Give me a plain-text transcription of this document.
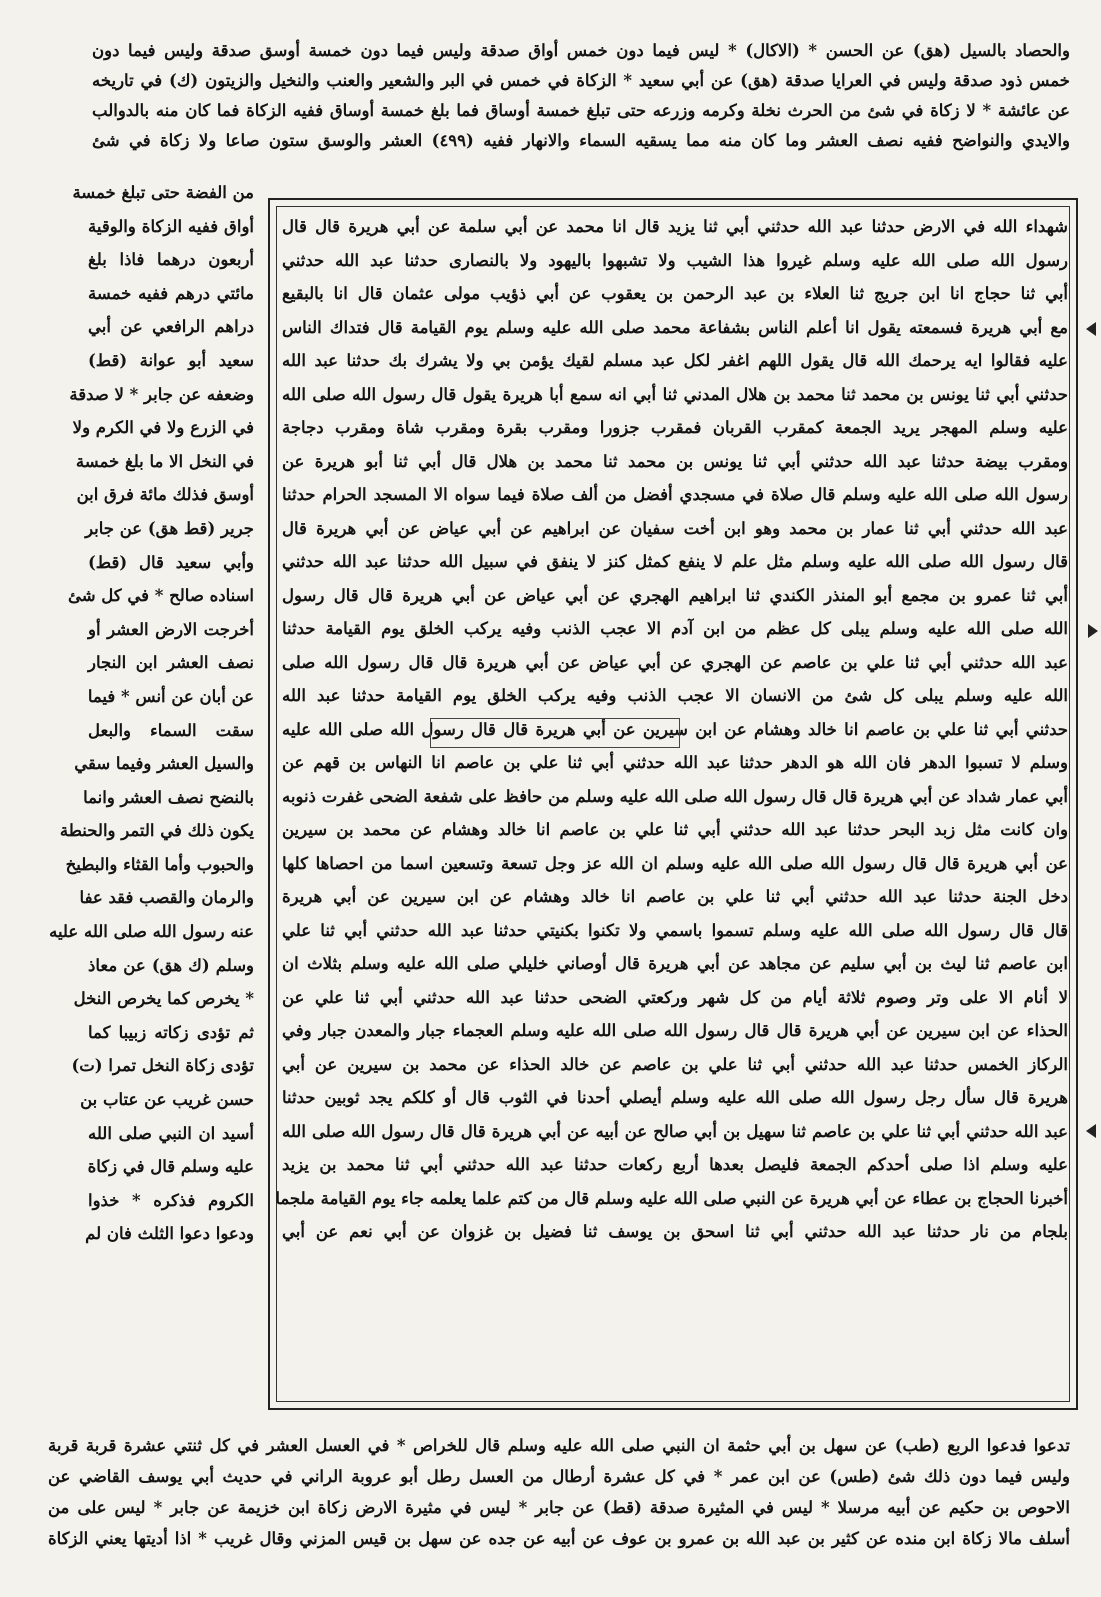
والحصاد بالسيل (هق) عن الحسن * (الاكال) * ليس فيما دون خمس أواق صدقة وليس فيما دون خمسة أوسق صدقة وليس فيما دون
خمس ذود صدقة وليس في العرايا صدقة (هق) عن أبي سعيد * الزكاة في خمس في البر والشعير والعنب والنخيل والزيتون (ك) في تاريخه
عن عائشة * لا زكاة في شئ من الحرث نخلة وكرمه وزرعه حتى تبلغ خمسة أوساق فما بلغ خمسة أوساق ففيه الزكاة فما كان منه بالدوالب
والايدي والنواضح ففيه نصف العشر وما كان منه مما يسقيه السماء والانهار ففيه (٤٩٩) العشر والوسق ستون صاعا ولا زكاة في شئ
شهداء الله في الارض حدثنا عبد الله حدثني أبي ثنا يزيد قال انا محمد عن أبي سلمة عن أبي هريرة قال قال
رسول الله صلى الله عليه وسلم غيروا هذا الشيب ولا تشبهوا باليهود ولا بالنصارى حدثنا عبد الله حدثني
أبي ثنا حجاج انا ابن جريج ثنا العلاء بن عبد الرحمن بن يعقوب عن أبي ذؤيب مولى عثمان قال انا بالبقيع
مع أبي هريرة فسمعته يقول انا أعلم الناس بشفاعة محمد صلى الله عليه وسلم يوم القيامة قال فتداك الناس
عليه فقالوا ايه يرحمك الله قال يقول اللهم اغفر لكل عبد مسلم لقيك يؤمن بي ولا يشرك بك حدثنا عبد الله
حدثني أبي ثنا يونس بن محمد ثنا محمد بن هلال المدني ثنا أبي انه سمع أبا هريرة يقول قال رسول الله صلى الله
عليه وسلم المهجر يريد الجمعة كمقرب القربان فمقرب جزورا ومقرب بقرة ومقرب شاة ومقرب دجاجة
ومقرب بيضة حدثنا عبد الله حدثني أبي ثنا يونس بن محمد ثنا محمد بن هلال قال أبي ثنا أبو هريرة عن
رسول الله صلى الله عليه وسلم قال صلاة في مسجدي أفضل من ألف صلاة فيما سواه الا المسجد الحرام حدثنا
عبد الله حدثني أبي ثنا عمار بن محمد وهو ابن أخت سفيان عن ابراهيم عن أبي عياض عن أبي هريرة قال
قال رسول الله صلى الله عليه وسلم مثل علم لا ينفع كمثل كنز لا ينفق في سبيل الله حدثنا عبد الله حدثني
أبي ثنا عمرو بن مجمع أبو المنذر الكندي ثنا ابراهيم الهجري عن أبي عياض عن أبي هريرة قال قال رسول
الله صلى الله عليه وسلم يبلى كل عظم من ابن آدم الا عجب الذنب وفيه يركب الخلق يوم القيامة حدثنا
عبد الله حدثني أبي ثنا علي بن عاصم عن الهجري عن أبي عياض عن أبي هريرة قال قال رسول الله صلى
الله عليه وسلم يبلى كل شئ من الانسان الا عجب الذنب وفيه يركب الخلق يوم القيامة حدثنا عبد الله
حدثني أبي ثنا علي بن عاصم انا خالد وهشام عن ابن سيرين عن أبي هريرة قال قال رسول الله صلى الله عليه
وسلم لا تسبوا الدهر فان الله هو الدهر حدثنا عبد الله حدثني أبي ثنا علي بن عاصم انا النهاس بن قهم عن
أبي عمار شداد عن أبي هريرة قال قال رسول الله صلى الله عليه وسلم من حافظ على شفعة الضحى غفرت ذنوبه
وان كانت مثل زبد البحر حدثنا عبد الله حدثني أبي ثنا علي بن عاصم انا خالد وهشام عن محمد بن سيرين
عن أبي هريرة قال قال رسول الله صلى الله عليه وسلم ان الله عز وجل تسعة وتسعين اسما من احصاها كلها
دخل الجنة حدثنا عبد الله حدثني أبي ثنا علي بن عاصم انا خالد وهشام عن ابن سيرين عن أبي هريرة
قال قال رسول الله صلى الله عليه وسلم تسموا باسمي ولا تكنوا بكنيتي حدثنا عبد الله حدثني أبي ثنا علي
ابن عاصم ثنا ليث بن أبي سليم عن مجاهد عن أبي هريرة قال أوصاني خليلي صلى الله عليه وسلم بثلاث ان
لا أنام الا على وتر وصوم ثلاثة أيام من كل شهر وركعتي الضحى حدثنا عبد الله حدثني أبي ثنا علي عن
الحذاء عن ابن سيرين عن أبي هريرة قال قال رسول الله صلى الله عليه وسلم العجماء جبار والمعدن جبار وفي
الركاز الخمس حدثنا عبد الله حدثني أبي ثنا علي بن عاصم عن خالد الحذاء عن محمد بن سيرين عن أبي
هريرة قال سأل رجل رسول الله صلى الله عليه وسلم أيصلي أحدنا في الثوب قال أو كلكم يجد ثوبين حدثنا
عبد الله حدثني أبي ثنا علي بن عاصم ثنا سهيل بن أبي صالح عن أبيه عن أبي هريرة قال قال رسول الله صلى الله
عليه وسلم اذا صلى أحدكم الجمعة فليصل بعدها أربع ركعات حدثنا عبد الله حدثني أبي ثنا محمد بن يزيد
أخبرنا الحجاج بن عطاء عن أبي هريرة عن النبي صلى الله عليه وسلم قال من كتم علما يعلمه جاء يوم القيامة ملجما
بلجام من نار حدثنا عبد الله حدثني أبي ثنا اسحق بن يوسف ثنا فضيل بن غزوان عن أبي نعم عن أبي
من الفضة حتى تبلغ خمسة
أواق ففيه الزكاة والوقية
أربعون درهما فاذا بلغ
مائتي درهم ففيه خمسة
دراهم الرافعي عن أبي
سعيد أبو عوانة (قط)
وضعفه عن جابر * لا صدقة
في الزرع ولا في الكرم ولا
في النخل الا ما بلغ خمسة
أوسق فذلك مائة فرق ابن
جرير (قط هق) عن جابر
وأبي سعيد قال (قط)
اسناده صالح * في كل شئ
أخرجت الارض العشر أو
نصف العشر ابن النجار
عن أبان عن أنس * فيما
سقت السماء والبعل
والسيل العشر وفيما سقي
بالنضح نصف العشر وانما
يكون ذلك في التمر والحنطة
والحبوب وأما القثاء والبطيخ
والرمان والقصب فقد عفا
عنه رسول الله صلى الله عليه
وسلم (ك هق) عن معاذ
* يخرص كما يخرص النخل
ثم تؤدى زكاته زبيبا كما
تؤدى زكاة النخل تمرا (ت)
حسن غريب عن عتاب بن
أسيد ان النبي صلى الله
عليه وسلم قال في زكاة
الكروم فذكره * خذوا
ودعوا دعوا الثلث فان لم
تدعوا فدعوا الربع (طب) عن سهل بن أبي حثمة ان النبي صلى الله عليه وسلم قال للخراص * في العسل العشر في كل ثنتي عشرة قربة قربة
وليس فيما دون ذلك شئ (طس) عن ابن عمر * في كل عشرة أرطال من العسل رطل أبو عروبة الراني في حديث أبي يوسف القاضي عن
الاحوص بن حكيم عن أبيه مرسلا * ليس في المثيرة صدقة (قط) عن جابر * ليس في مثيرة الارض زكاة ابن خزيمة عن جابر * ليس على من
أسلف مالا زكاة ابن منده عن كثير بن عبد الله بن عمرو بن عوف عن أبيه عن جده عن سهل بن قيس المزني وقال غريب * اذا أديتها يعني الزكاة
